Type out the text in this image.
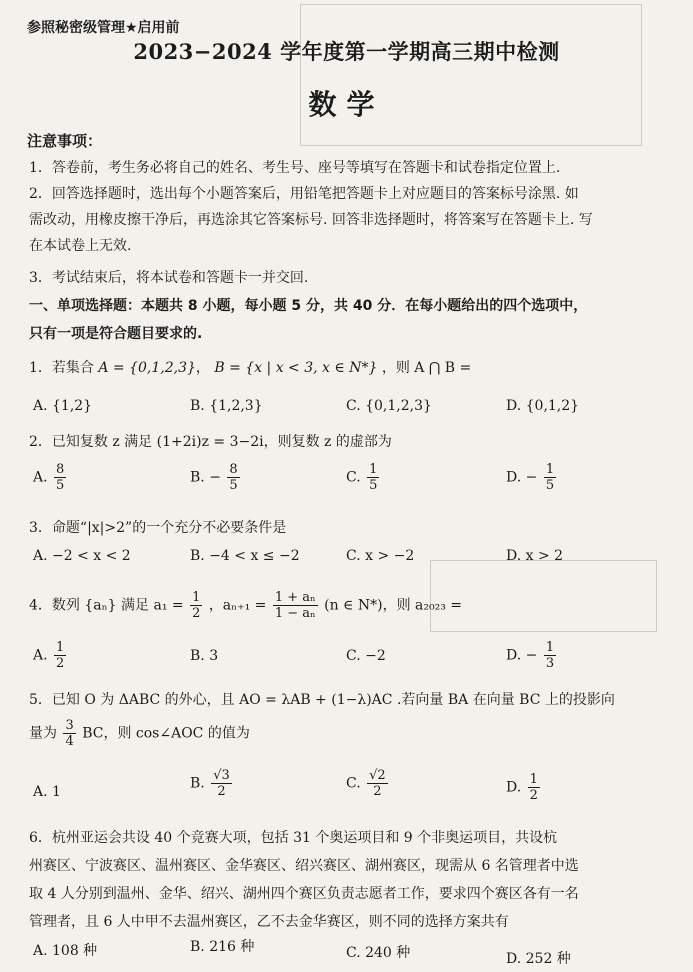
参照秘密级管理★启用前
2023−2024 学年度第一学期高三期中检测
数学
注意事项：
1．答卷前，考生务必将自己的姓名、考生号、座号等填写在答题卡和试卷指定位置上.
2．回答选择题时，选出每个小题答案后，用铅笔把答题卡上对应题目的答案标号涂黑. 如
需改动，用橡皮擦干净后，再选涂其它答案标号. 回答非选择题时，将答案写在答题卡上. 写
在本试卷上无效.
3．考试结束后，将本试卷和答题卡一并交回.
一、单项选择题：本题共 8 小题，每小题 5 分，共 40 分．在每小题给出的四个选项中，
只有一项是符合题目要求的.
1．若集合 A = {0,1,2,3}， B = {x | x < 3, x ∈ N*} ，则 A ⋂ B =
A. {1,2}	B. {1,2,3}	C. {0,1,2,3}	D. {0,1,2}
2．已知复数 z 满足 (1+2i)z = 3−2i，则复数 z 的虚部为
A. $\frac{8}{5}$	B. − $\frac{8}{5}$	C. $\frac{1}{5}$	D. − $\frac{1}{5}$
3．命题“|x|>2”的一个充分不必要条件是
A. −2 < x < 2	B. −4 < x ≤ −2	C. x > −2	D. x > 2
4．数列 {aₙ} 满足 $a_1 = \frac{1}{2}$ ，$a_{n+1} = \frac{\text{1 + aₙ}}{\text{1 − aₙ}} (n$ ∈ N*)，则 a₂₀₂₃ =
A. $\frac{1}{2}$	B. 3	C. −2	D. − $\frac{1}{3}$
5．已知 O 为 ΔABC 的外心，且 AO = λAB + (1−λ)AC .若向量 BA 在向量 BC 上的投影向
量为 $\frac{3}{4}$ BC，则 cos∠AOC 的值为
A. 1
B. $\frac{√3}{2}$	C. $\frac{√2}{2}$	D. $\frac{1}{2}$
6．杭州亚运会共设 40 个竞赛大项，包括 31 个奥运项目和 9 个非奥运项目，共设杭
州赛区、宁波赛区、温州赛区、金华赛区、绍兴赛区、湖州赛区，现需从 6 名管理者中选
取 4 人分别到温州、金华、绍兴、湖州四个赛区负责志愿者工作，要求四个赛区各有一名
管理者，且 6 人中甲不去温州赛区，乙不去金华赛区，则不同的选择方案共有
A. 108 种	B. 216 种	C. 240 种	D. 252 种
